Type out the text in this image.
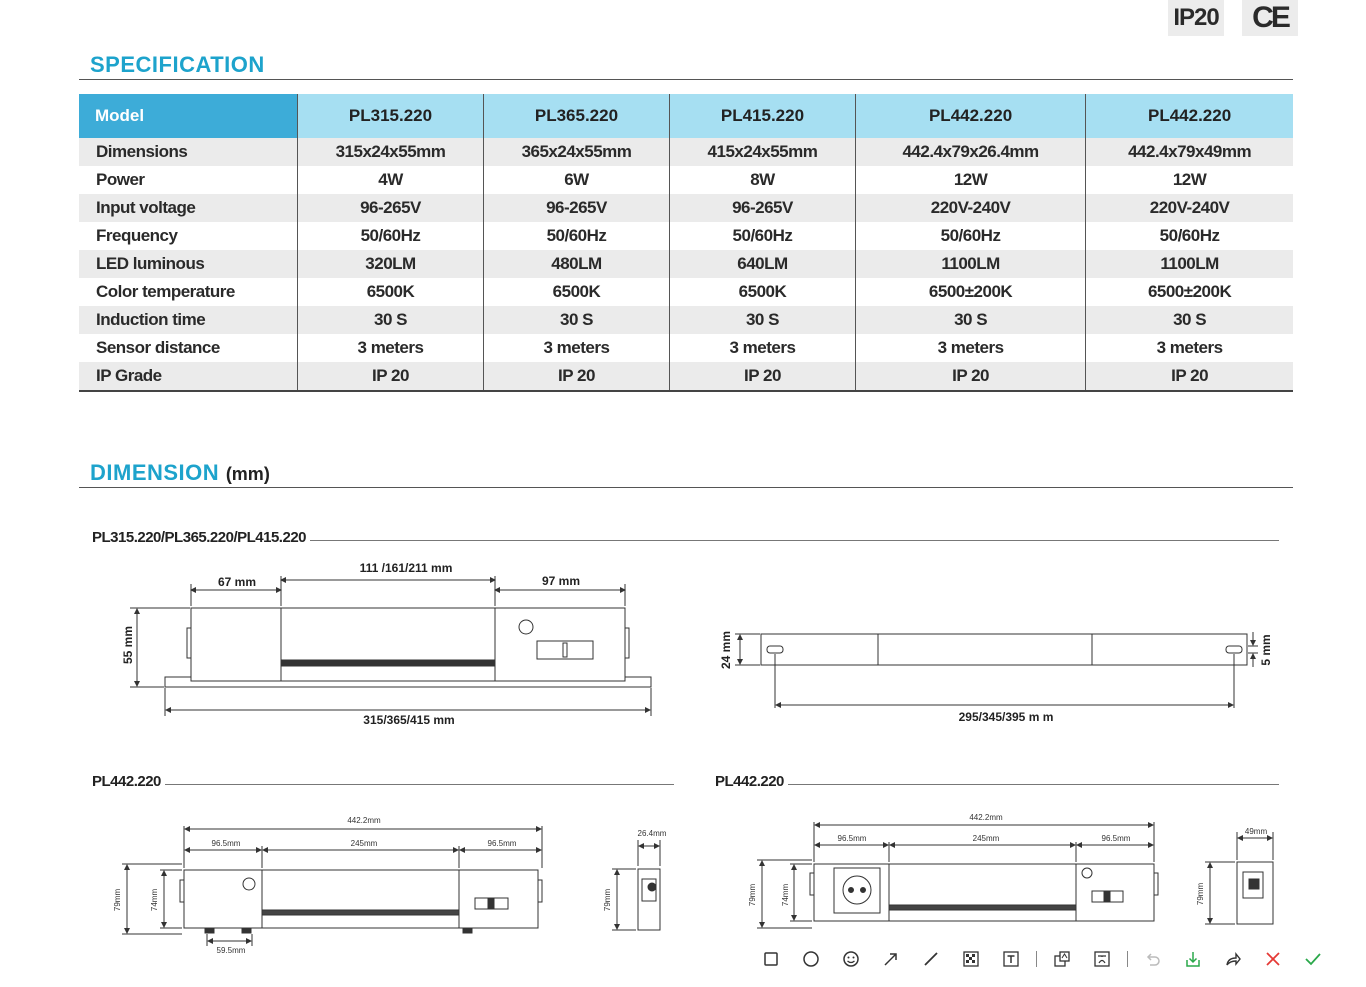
IP20	CE
SPECIFICATION
Model	PL315.220	PL365.220	PL415.220	PL442.220	PL442.220
Dimensions	315x24x55mm	365x24x55mm	415x24x55mm	442.4x79x26.4mm	442.4x79x49mm
Power	4W	6W	8W	12W	12W
Input voltage	96-265V	96-265V	96-265V	220V-240V	220V-240V
Frequency	50/60Hz	50/60Hz	50/60Hz	50/60Hz	50/60Hz
LED luminous	320LM	480LM	640LM	1100LM	1100LM
Color temperature	6500K	6500K	6500K	6500±200K	6500±200K
Induction time	30 S	30 S	30 S	30 S	30 S
Sensor distance	3 meters	3 meters	3 meters	3 meters	3 meters
IP Grade	IP 20	IP 20	IP 20	IP 20	IP 20
DIMENSION (mm)
PL315.220/PL365.220/PL415.220
PL442.220	PL442.220
67 mm
111 /161/211 mm
97 mm
55 mm
315/365/415 mm
24 mm	5 mm
295/345/395 m m
442.2mm
96.5mm	245mm	96.5mm
79mm	74mm
59.5mm
26.4mm
79mm
442.2mm
96.5mm	245mm	96.5mm
79mm	74mm
49mm
79mm
